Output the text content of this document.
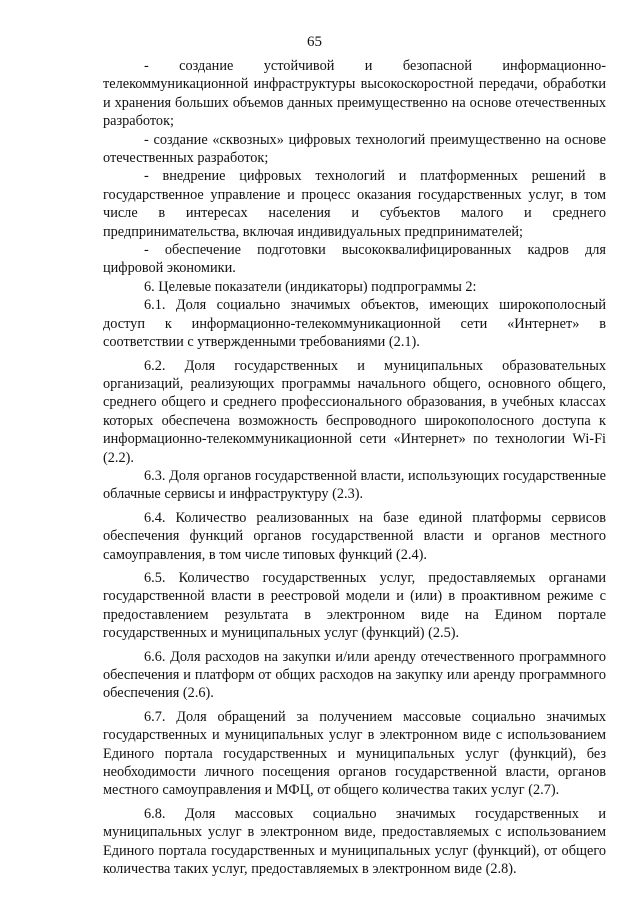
65

- создание устойчивой и безопасной информационно-телекоммуникационной инфраструктуры высокоскоростной передачи, обработки и хранения больших объемов данных преимущественно на основе отечественных разработок;

- создание «сквозных» цифровых технологий преимущественно на основе отечественных разработок;

- внедрение цифровых технологий и платформенных решений в государственное управление и процесс оказания государственных услуг, в том числе в интересах населения и субъектов малого и среднего предпринимательства, включая индивидуальных предпринимателей;

- обеспечение подготовки высококвалифицированных кадров для цифровой экономики.

6. Целевые показатели (индикаторы) подпрограммы 2:

6.1. Доля социально значимых объектов, имеющих широкополосный доступ к информационно-телекоммуникационной сети «Интернет» в соответствии с утвержденными требованиями (2.1).

6.2. Доля государственных и муниципальных образовательных организаций, реализующих программы начального общего, основного общего, среднего общего и среднего профессионального образования, в учебных классах которых обеспечена возможность беспроводного широкополосного доступа к информационно-телекоммуникационной сети «Интернет» по технологии Wi-Fi (2.2).

6.3. Доля органов государственной власти, использующих государственные облачные сервисы и инфраструктуру (2.3).

6.4. Количество реализованных на базе единой платформы сервисов обеспечения функций органов государственной власти и органов местного самоуправления, в том числе типовых функций (2.4).

6.5. Количество государственных услуг, предоставляемых органами государственной власти в реестровой модели и (или) в проактивном режиме с предоставлением результата в электронном виде на Едином портале государственных и муниципальных услуг (функций) (2.5).

6.6. Доля расходов на закупки и/или аренду отечественного программного обеспечения и платформ от общих расходов на закупку или аренду программного обеспечения (2.6).

6.7. Доля обращений за получением массовые социально значимых государственных и муниципальных услуг в электронном виде с использованием Единого портала государственных и муниципальных услуг (функций), без необходимости личного посещения органов государственной власти, органов местного самоуправления и МФЦ, от общего количества таких услуг (2.7).

6.8. Доля массовых социально значимых государственных и муниципальных услуг в электронном виде, предоставляемых с использованием Единого портала государственных и муниципальных услуг (функций), от общего количества таких услуг, предоставляемых в электронном виде (2.8).
